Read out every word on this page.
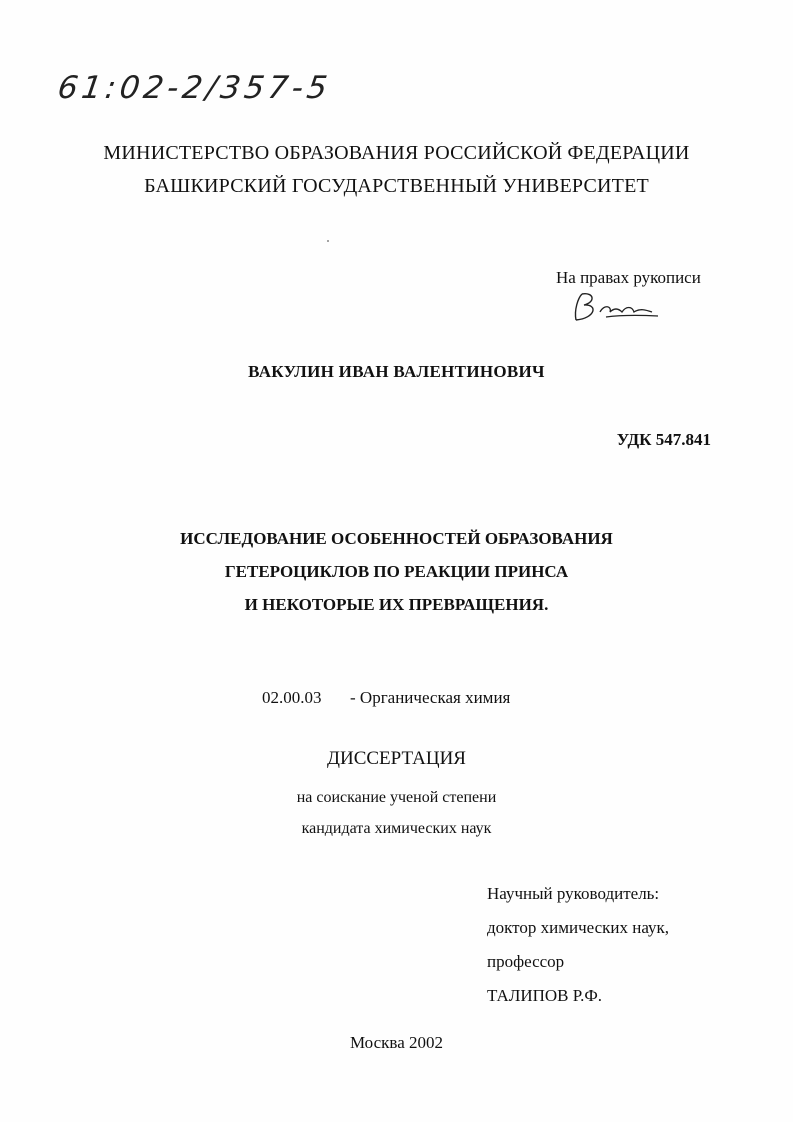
61:02-2/357-5
МИНИСТЕРСТВО ОБРАЗОВАНИЯ РОССИЙСКОЙ ФЕДЕРАЦИИ
БАШКИРСКИЙ ГОСУДАРСТВЕННЫЙ УНИВЕРСИТЕТ
На правах рукописи
ВАКУЛИН ИВАН ВАЛЕНТИНОВИЧ
УДК 547.841
ИССЛЕДОВАНИЕ ОСОБЕННОСТЕЙ ОБРАЗОВАНИЯ
ГЕТЕРОЦИКЛОВ ПО РЕАКЦИИ ПРИНСА
И НЕКОТОРЫЕ ИХ ПРЕВРАЩЕНИЯ.
02.00.03 - Органическая химия
ДИССЕРТАЦИЯ
на соискание ученой степени
кандидата химических наук
Научный руководитель:
доктор химических наук,
профессор
ТАЛИПОВ Р.Ф.
Москва 2002
